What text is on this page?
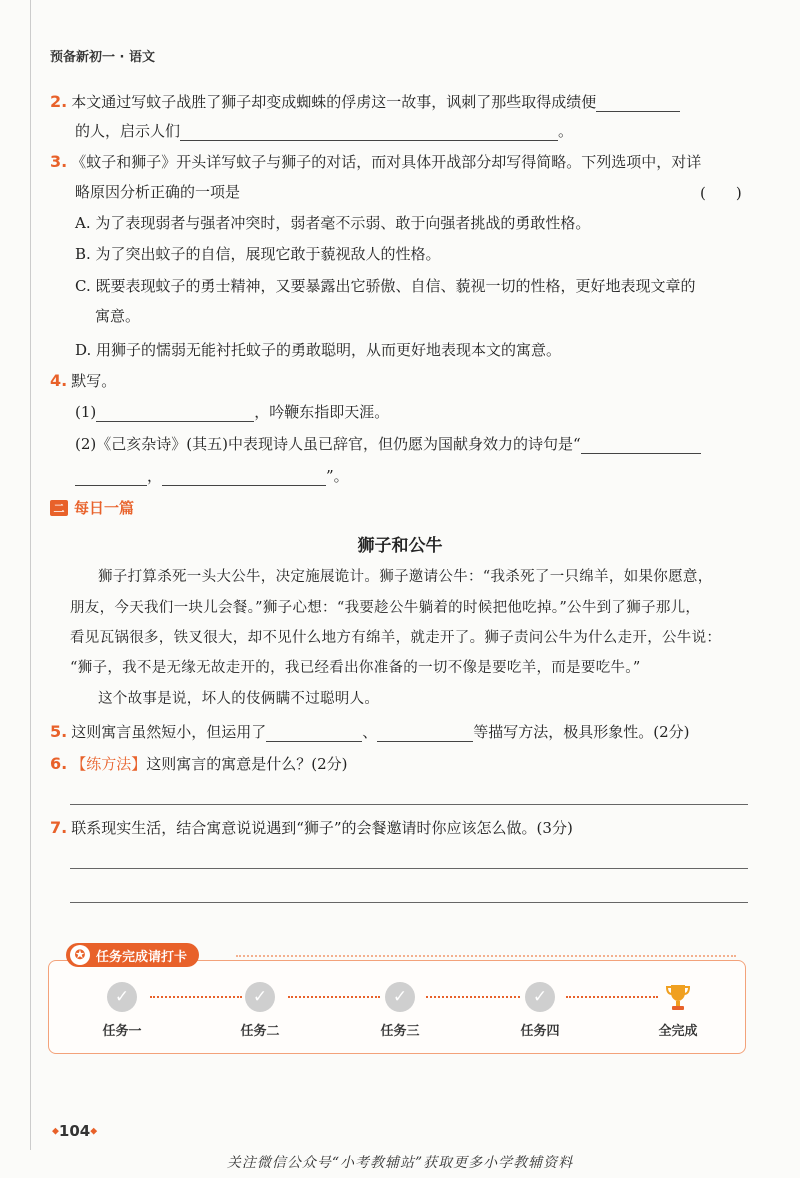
预备新初一 · 语文
2. 本文通过写蚊子战胜了狮子却变成蜘蛛的俘虏这一故事，讽刺了那些取得成绩便
的人，启示人们	。
3. 《蚊子和狮子》开头详写蚊子与狮子的对话，而对具体开战部分却写得简略。下列选项中，对详
略原因分析正确的一项是	(　　)
A. 为了表现弱者与强者冲突时，弱者毫不示弱、敢于向强者挑战的勇敢性格。
B. 为了突出蚊子的自信，展现它敢于藐视敌人的性格。
C. 既要表现蚊子的勇士精神，又要暴露出它骄傲、自信、藐视一切的性格，更好地表现文章的
寓意。
D. 用狮子的懦弱无能衬托蚊子的勇敢聪明，从而更好地表现本文的寓意。
4. 默写。
(1)	，吟鞭东指即天涯。
(2)《己亥杂诗》(其五)中表现诗人虽已辞官，但仍愿为国献身效力的诗句是“
，	”。
二 每日一篇
狮子和公牛
狮子打算杀死一头大公牛，决定施展诡计。狮子邀请公牛：“我杀死了一只绵羊，如果你愿意，
朋友，今天我们一块儿会餐。”狮子心想：“我要趁公牛躺着的时候把他吃掉。”公牛到了狮子那儿，
看见瓦锅很多，铁叉很大，却不见什么地方有绵羊，就走开了。狮子责问公牛为什么走开，公牛说：
“狮子，我不是无缘无故走开的，我已经看出你准备的一切不像是要吃羊，而是要吃牛。”
这个故事是说，坏人的伎俩瞒不过聪明人。
5. 这则寓言虽然短小，但运用了	、	等描写方法，极具形象性。(2分)
6. 【练方法】这则寓言的寓意是什么？(2分)
7. 联系现实生活，结合寓意说说遇到“狮子”的会餐邀请时你应该怎么做。(3分)
✪ 任务完成请打卡
✓
任务一
✓
任务二
✓
任务三
✓
任务四	全完成
◆104◆
关注微信公众号“小考教辅站”获取更多小学教辅资料
